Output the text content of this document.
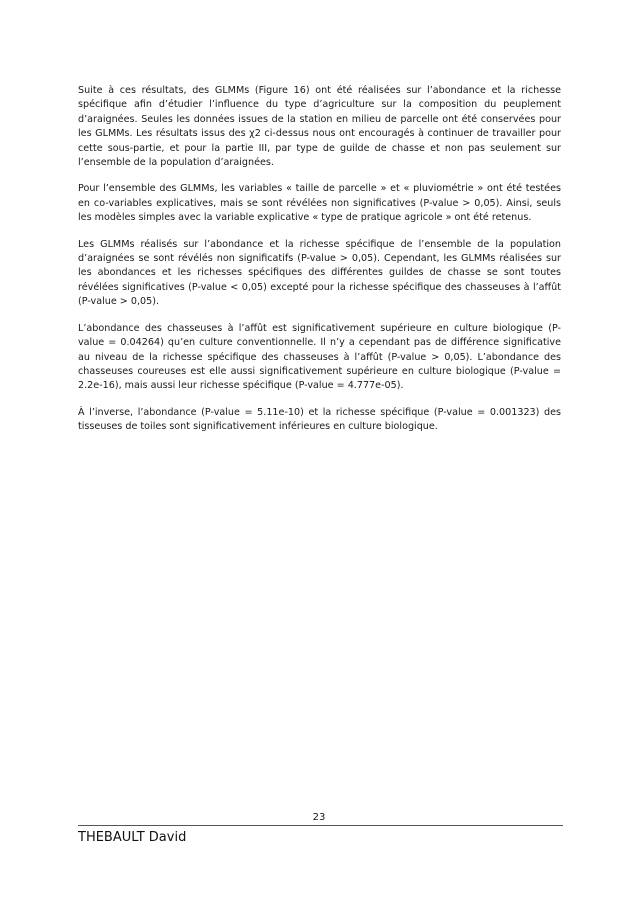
Suite à ces résultats, des GLMMs (Figure 16) ont été réalisées sur l’abondance et la richesse spécifique afin d’étudier l’influence du type d’agriculture sur la composition du peuplement d’araignées. Seules les données issues de la station en milieu de parcelle ont été conservées pour les GLMMs. Les résultats issus des χ2 ci-dessus nous ont encouragés à continuer de travailler pour cette sous-partie, et pour la partie III, par type de guilde de chasse et non pas seulement sur l’ensemble de la population d’araignées.

Pour l’ensemble des GLMMs, les variables « taille de parcelle » et « pluviométrie » ont été testées en co-variables explicatives, mais se sont révélées non significatives (P-value > 0,05). Ainsi, seuls les modèles simples avec la variable explicative « type de pratique agricole » ont été retenus.

Les GLMMs réalisés sur l’abondance et la richesse spécifique de l’ensemble de la population d’araignées se sont révélés non significatifs (P-value > 0,05). Cependant, les GLMMs réalisées sur les abondances et les richesses spécifiques des différentes guildes de chasse se sont toutes révélées significatives (P-value < 0,05) excepté pour la richesse spécifique des chasseuses à l’affût (P-value > 0,05).

L’abondance des chasseuses à l’affût est significativement supérieure en culture biologique (P-value = 0.04264) qu’en culture conventionnelle. Il n’y a cependant pas de différence significative au niveau de la richesse spécifique des chasseuses à l’affût (P-value > 0,05). L’abondance des chasseuses coureuses est elle aussi significativement supérieure en culture biologique (P-value = 2.2e-16), mais aussi leur richesse spécifique (P-value = 4.777e-05).

À l’inverse, l’abondance (P-value = 5.11e-10) et la richesse spécifique (P-value = 0.001323) des tisseuses de toiles sont significativement inférieures en culture biologique.

23
THEBAULT David
